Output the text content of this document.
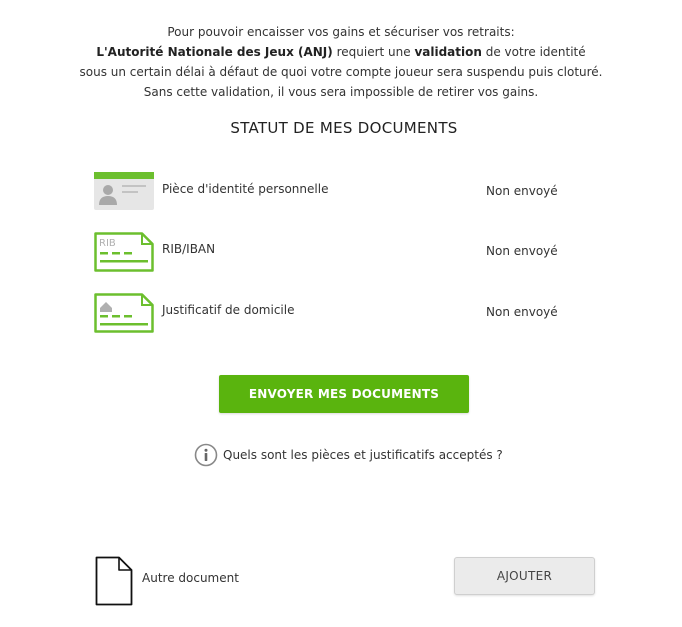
Pour pouvoir encaisser vos gains et sécuriser vos retraits:
L'Autorité Nationale des Jeux (ANJ) requiert une validation de votre identité
sous un certain délai à défaut de quoi votre compte joueur sera suspendu puis cloturé.
Sans cette validation, il vous sera impossible de retirer vos gains.
STATUT DE MES DOCUMENTS
Pièce d'identité personnelle	Non envoyé
RIB	RIB/IBAN	Non envoyé
Justificatif de domicile	Non envoyé
ENVOYER MES DOCUMENTS
Quels sont les pièces et justificatifs acceptés ?
Autre document	AJOUTER
